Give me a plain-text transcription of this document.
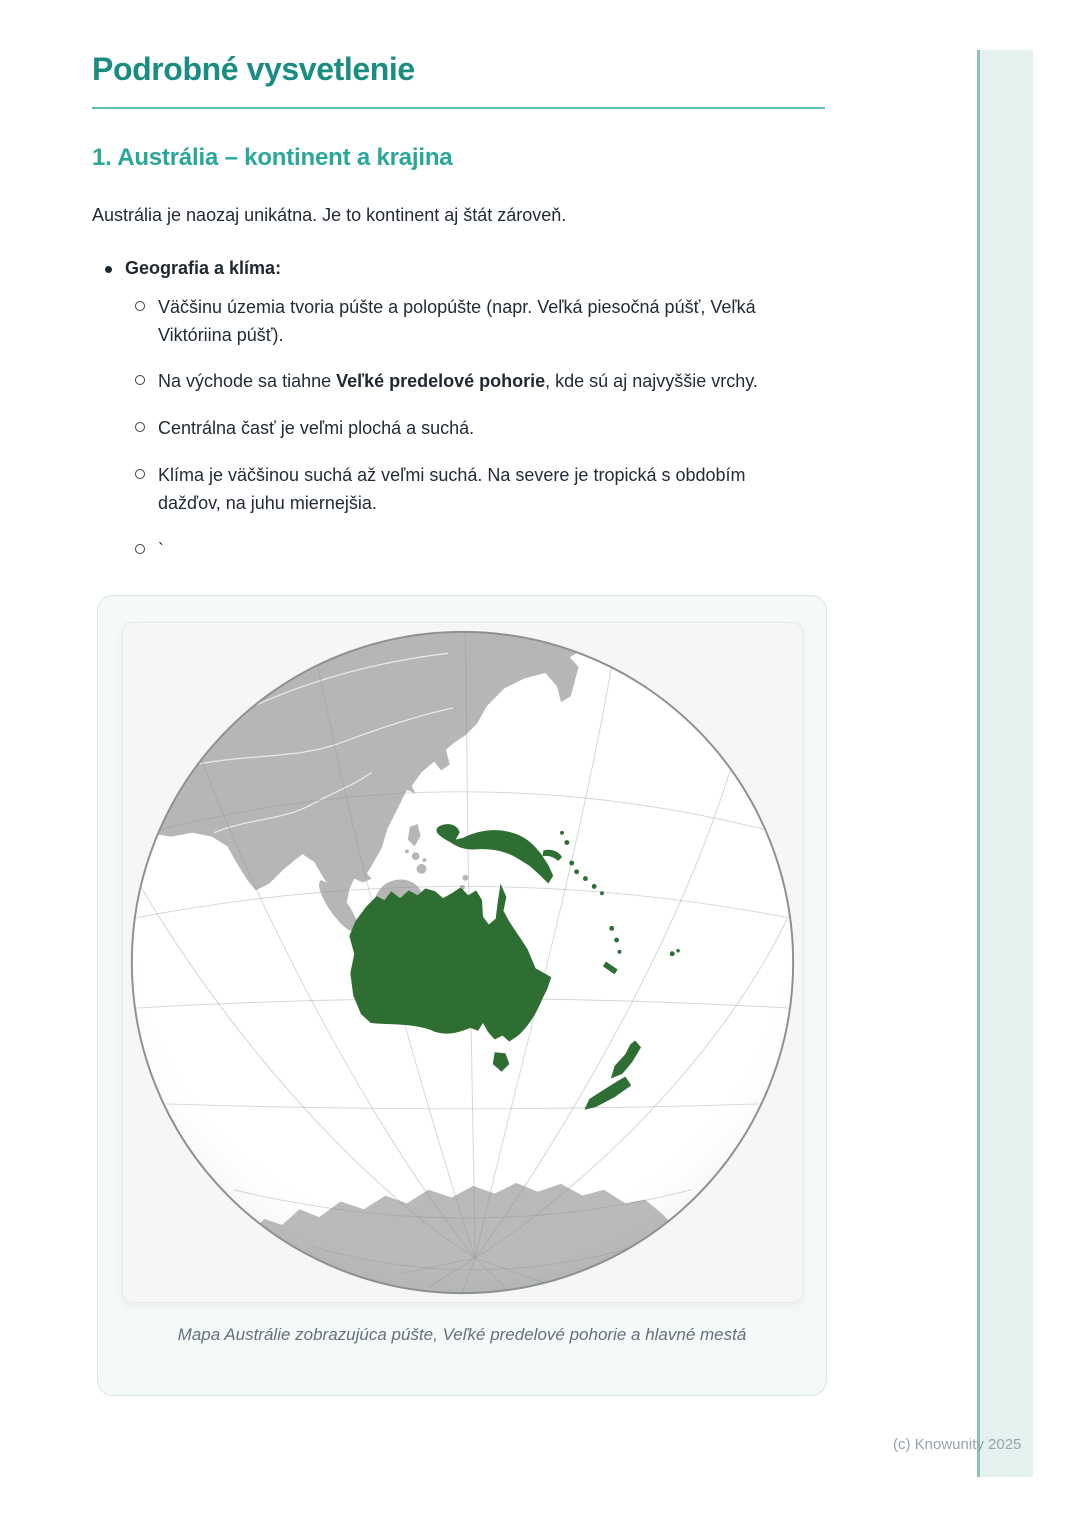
Podrobné vysvetlenie
1. Austrália – kontinent a krajina

Austrália je naozaj unikátna. Je to kontinent aj štát zároveň.

Geografia a klíma:
Väčšinu územia tvoria púšte a polopúšte (napr. Veľká piesočná púšť, Veľká Viktóriina púšť).
Na východe sa tiahne Veľké predelové pohorie, kde sú aj najvyššie vrchy.
Centrálna časť je veľmi plochá a suchá.
Klíma je väčšinou suchá až veľmi suchá. Na severe je tropická s obdobím dažďov, na juhu miernejšia.
`
Mapa Austrálie zobrazujúca púšte, Veľké predelové pohorie a hlavné mestá
(c) Knowunity 2025
